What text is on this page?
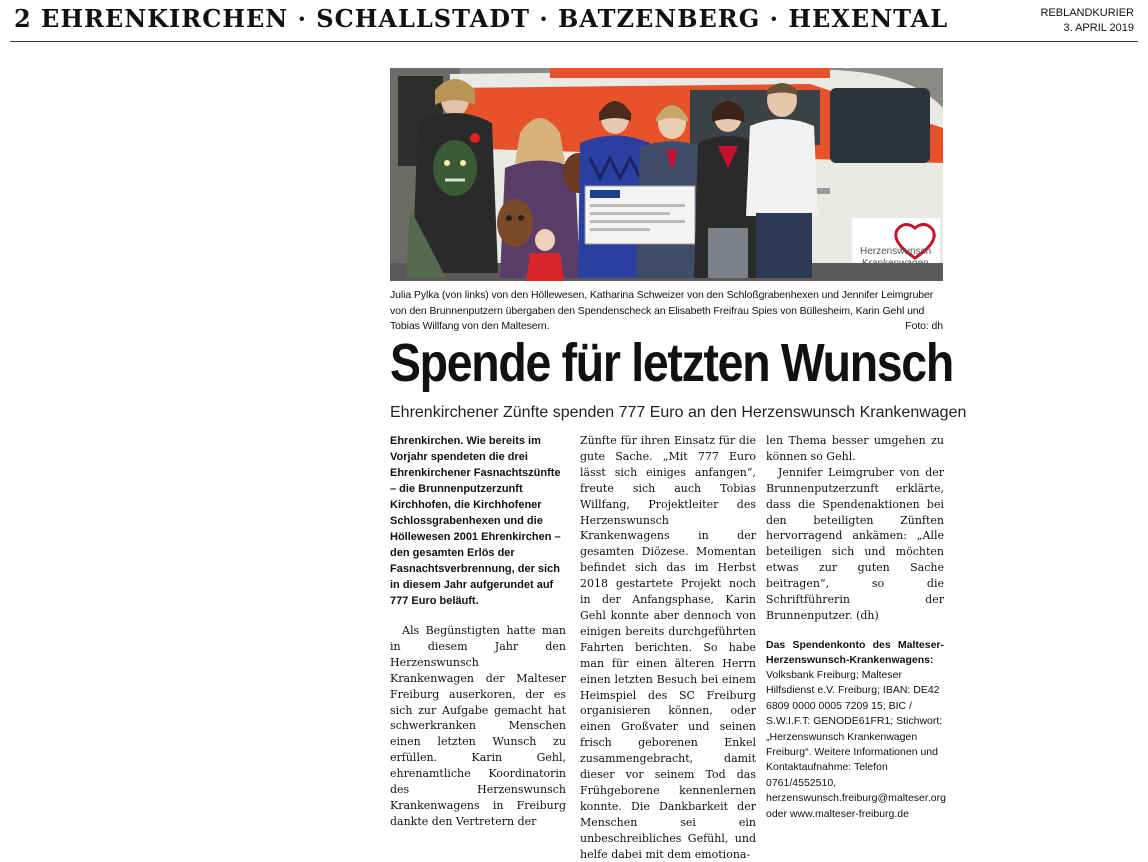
2 EHRENKIRCHEN · SCHALLSTADT · BATZENBERG · HEXENTAL	REBLANDKURIER
3. APRIL 2019
Herzenswunsch
Julia Pylka (von links) von den Höllewesen, Katharina Schweizer von den Schloßgrabenhexen und Jennifer Leimgruber von den Brunnenputzern übergaben den Spendenscheck an Elisabeth Freifrau Spies von Büllesheim, Karin Gehl und Tobias Willfang von den Maltesern.	Foto: dh
Spende für letzten Wunsch
Ehrenkirchener Zünfte spenden 777 Euro an den Herzenswunsch Krankenwagen
Ehrenkirchen. Wie bereits im Vorjahr spendeten die drei Ehrenkirchener Fasnachtszünfte – die Brunnenputzerzunft Kirchhofen, die Kirchhofener Schlossgrabenhexen und die Höllewesen 2001 Ehrenkirchen – den gesamten Erlös der Fasnachtsverbrennung, der sich in diesem Jahr aufgerundet auf 777 Euro beläuft.
Als Begünstigten hatte man in diesem Jahr den Herzenswunsch Krankenwagen der Malteser Freiburg auserkoren, der es sich zur Aufgabe gemacht hat schwerkranken Menschen einen letzten Wunsch zu erfüllen. Karin Gehl, ehrenamtliche Koordinatorin des Herzenswunsch Krankenwagens in Freiburg dankte den Vertretern der
Zünfte für ihren Einsatz für die gute Sache. „Mit 777 Euro lässt sich einiges anfangen“, freute sich auch Tobias Willfang, Projektleiter des Herzenswunsch Krankenwagens in der gesamten Diözese. Momentan befindet sich das im Herbst 2018 gestartete Projekt noch in der Anfangsphase, Karin Gehl konnte aber dennoch von einigen bereits durchgeführten Fahrten berichten. So habe man für einen älteren Herrn einen letzten Besuch bei einem Heimspiel des SC Freiburg organisieren können, oder einen Großvater und seinen frisch geborenen Enkel zusammengebracht, damit dieser vor seinem Tod das Frühgeborene kennenlernen konnte. Die Dankbarkeit der Menschen sei ein unbeschreibliches Gefühl, und helfe dabei mit dem emotiona-
len Thema besser umgehen zu können so Gehl.
Jennifer Leimgruber von der Brunnenputzerzunft erklärte, dass die Spendenaktionen bei den beteiligten Zünften hervorragend ankämen: „Alle beteiligen sich und möchten etwas zur guten Sache beitragen“, so die Schriftführerin der Brunnenputzer. (dh)
Das Spendenkonto des Malteser-Herzenswunsch-Krankenwagens:
Volksbank Freiburg; Malteser Hilfsdienst e.V. Freiburg; IBAN: DE42 6809 0000 0005 7209 15; BIC / S.W.I.F.T: GENODE61FR1; Stichwort: „Herzenswunsch Krankenwagen Freiburg“. Weitere Informationen und Kontaktaufnahme: Telefon 0761/4552510, herzenswunsch.freiburg@malteser.org oder www.malteser-freiburg.de
